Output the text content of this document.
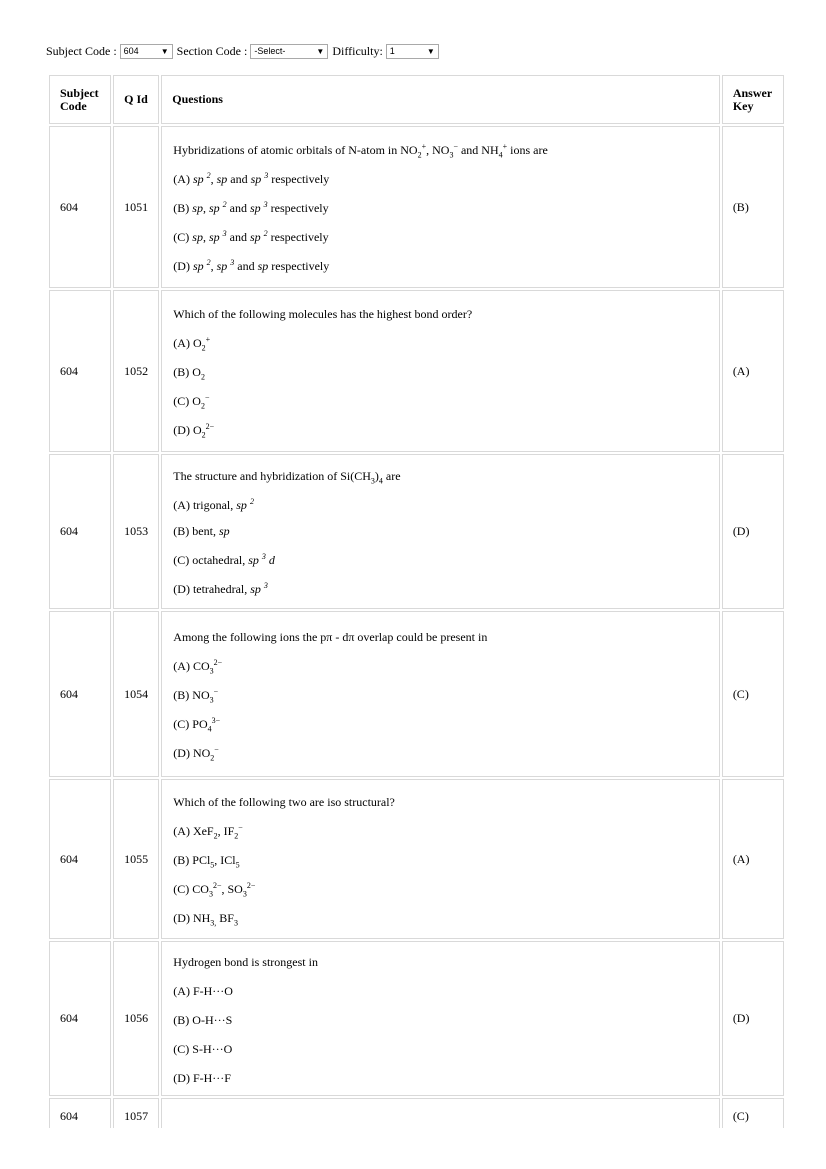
Subject Code : 604	▼ Section Code : -Select-	▼ Difficulty: 1	▼
Subject Code	Q Id	Questions	Answer Key
604	1051	Hybridizations of atomic orbitals of N-atom in $NO_2^+$, $NO_3^-$ and $NH_4^+$ ions are

(A) sp $^2$, sp and sp $^3$ respectively

(B) sp, sp $^2$ and sp $^3$ respectively

(C) sp, sp $^3$ and sp $^2$ respectively

(D) sp $^2$, sp $^3$ and sp respectively	(B)
604	1052	Which of the following molecules has the highest bond order?

(A) $O_2^+$

(B) $O_2$

(C) $O_2^-$

(D) $O_2^{2-}$	(A)
604	1053	The structure and hybridization of $Si(CH_3)_4$ are

(A) trigonal, sp $^2$

(B) bent, sp

(C) octahedral, sp $^3$ d

(D) tetrahedral, sp $^3$	(D)
604	1054	Among the following ions the pπ - dπ overlap could be present in

(A) $CO_3^{2-}$

(B) $NO_3^-$

(C) $PO_4^{3-}$

(D) $NO_2^-$	(C)
604	1055	Which of the following two are iso structural?

(A) XeF$_2$, $IF_2^-$

(B) PCl$_5$, ICl$_5$

(C) $CO_3^{2-}$, $SO_3^{2-}$

(D) $NH_{3,}$ $BF_3$	(A)
604	1056	Hydrogen bond is strongest in

(A) F-H···O

(B) O-H···S

(C) S-H···O

(D) F-H···F	(D)
604	1057		(C)
